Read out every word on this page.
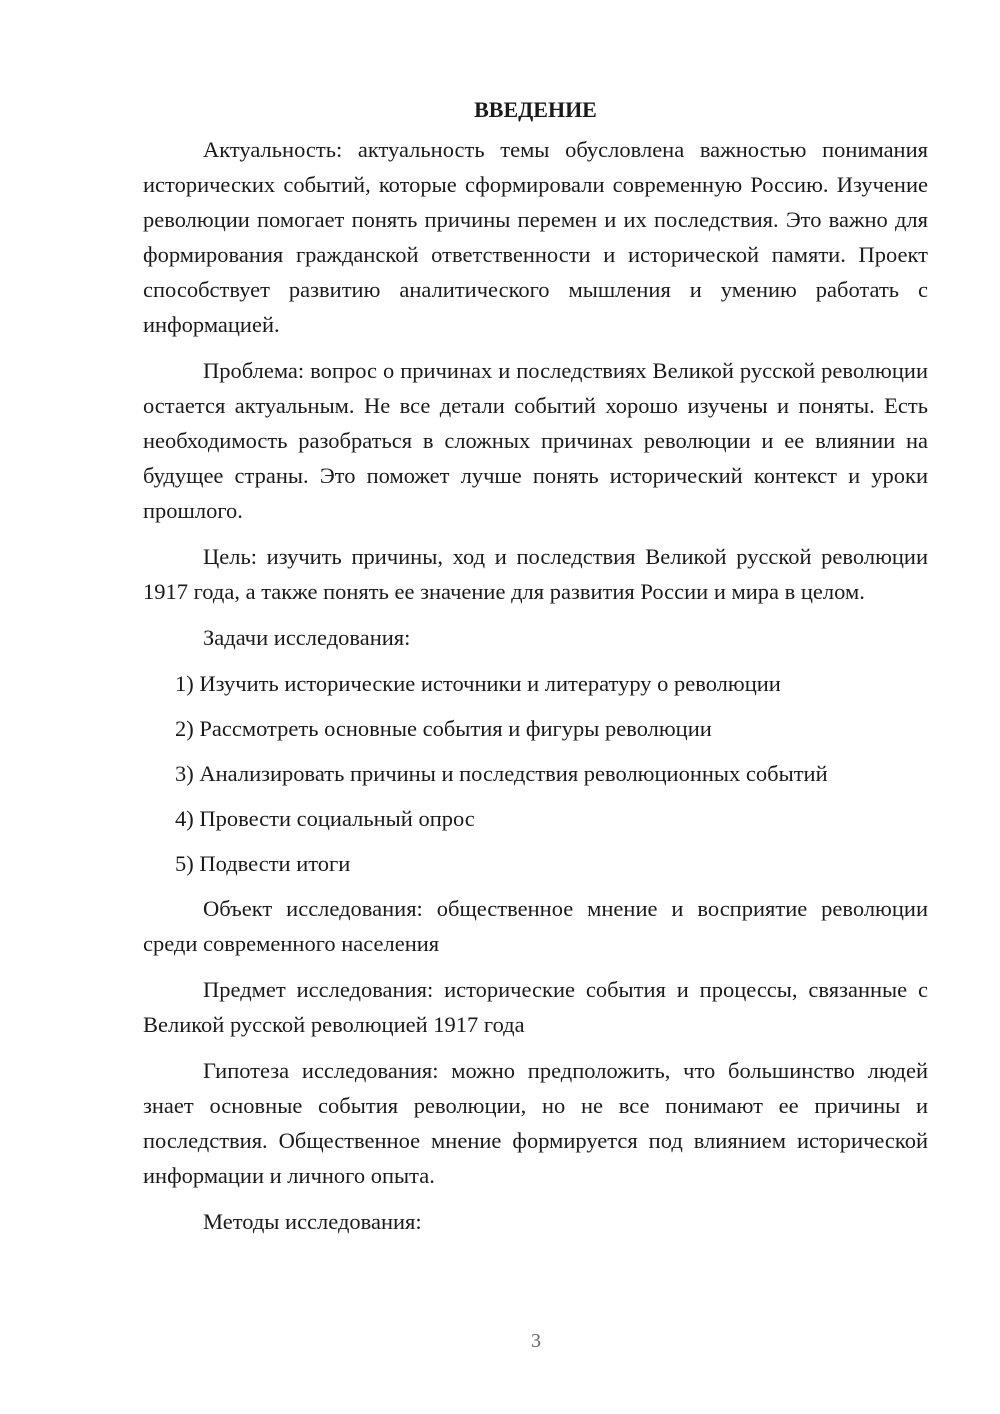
ВВЕДЕНИЕ

Актуальность: актуальность темы обусловлена важностью понимания исторических событий, которые сформировали современную Россию. Изучение революции помогает понять причины перемен и их последствия. Это важно для формирования гражданской ответственности и исторической памяти. Проект способствует развитию аналитического мышления и умению работать с информацией.

Проблема: вопрос о причинах и последствиях Великой русской революции остается актуальным. Не все детали событий хорошо изучены и поняты. Есть необходимость разобраться в сложных причинах революции и ее влиянии на будущее страны. Это поможет лучше понять исторический контекст и уроки прошлого.

Цель: изучить причины, ход и последствия Великой русской революции 1917 года, а также понять ее значение для развития России и мира в целом.

Задачи исследования:

1) Изучить исторические источники и литературу о революции

2) Рассмотреть основные события и фигуры революции

3) Анализировать причины и последствия революционных событий

4) Провести социальный опрос

5) Подвести итоги

Объект исследования: общественное мнение и восприятие революции среди современного населения

Предмет исследования: исторические события и процессы, связанные с Великой русской революцией 1917 года

Гипотеза исследования: можно предположить, что большинство людей знает основные события революции, но не все понимают ее причины и последствия. Общественное мнение формируется под влиянием исторической информации и личного опыта.

Методы исследования:

3
